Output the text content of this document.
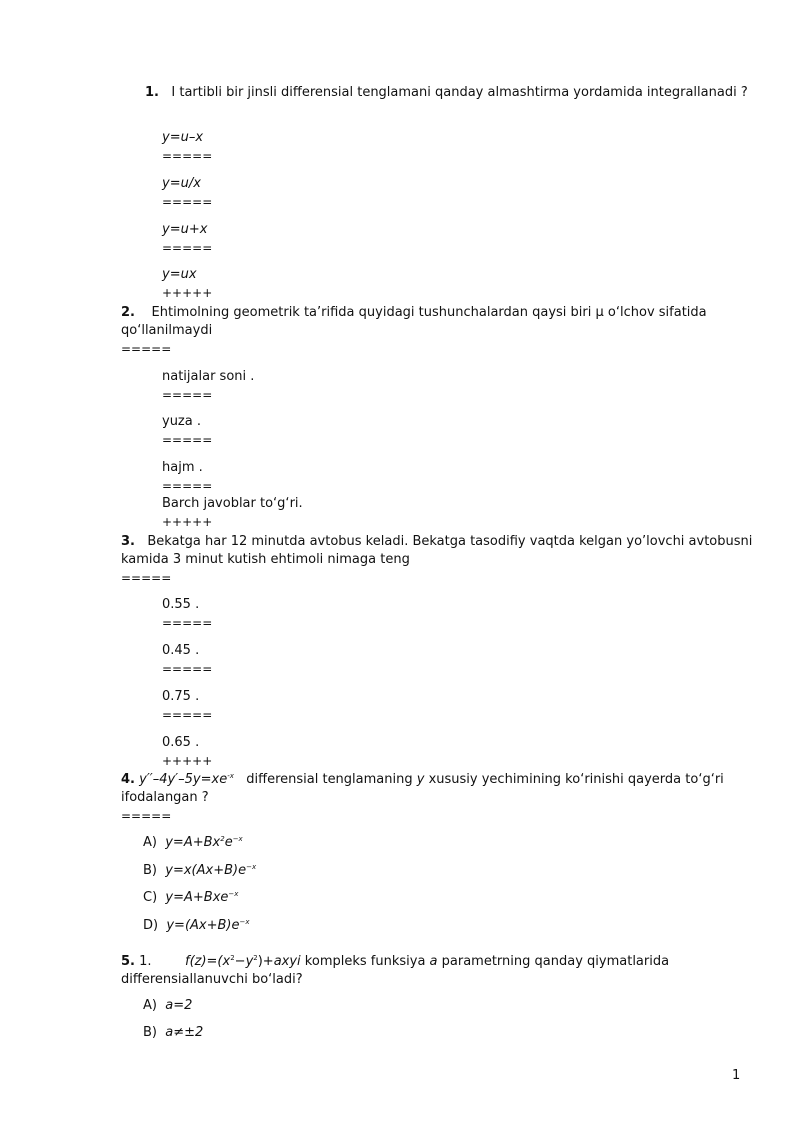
1. I tartibli bir jinsli differensial tenglamani qanday almashtirma yordamida integrallanadi ?
y=u–x
=====
y=u/x
=====
y=u+x
=====
y=ux
+++++
2. Ehtimolning geometrik ta’rifida quyidagi tushunchalardan qaysi biri μ o‘lchov sifatida
qo‘llanilmaydi
=====
natijalar soni .
=====
yuza .
=====
hajm .
=====
Barch javoblar to‘g‘ri.
+++++
3. Bekatga har 12 minutda avtobus keladi. Bekatga tasodifiy vaqtda kelgan yo’lovchi avtobusni
kamida 3 minut kutish ehtimoli nimaga teng
=====
0.55 .
=====
0.45 .
=====
0.75 .
=====
0.65 .
+++++
4. $y''-4y'-5y=xe^{-x}$   differensial tenglamaning y xususiy yechimining ko‘rinishi qayerda to‘g‘ri
ifodalangan ?
=====
A) $y=A+Bx^2e^{-x}$
B) $y=x(Ax+B)e^{-x}$
C) y=A+Bxe$^{-x}$
D) $y=(Ax+B)e^{-x}$
5. 1.	$f(z)=(x^2-y^2)+axyi$ kompleks funksiya a parametrning qanday qiymatlarida
differensiallanuvchi bo‘ladi?
A) a=2
B) a≠±2
1
